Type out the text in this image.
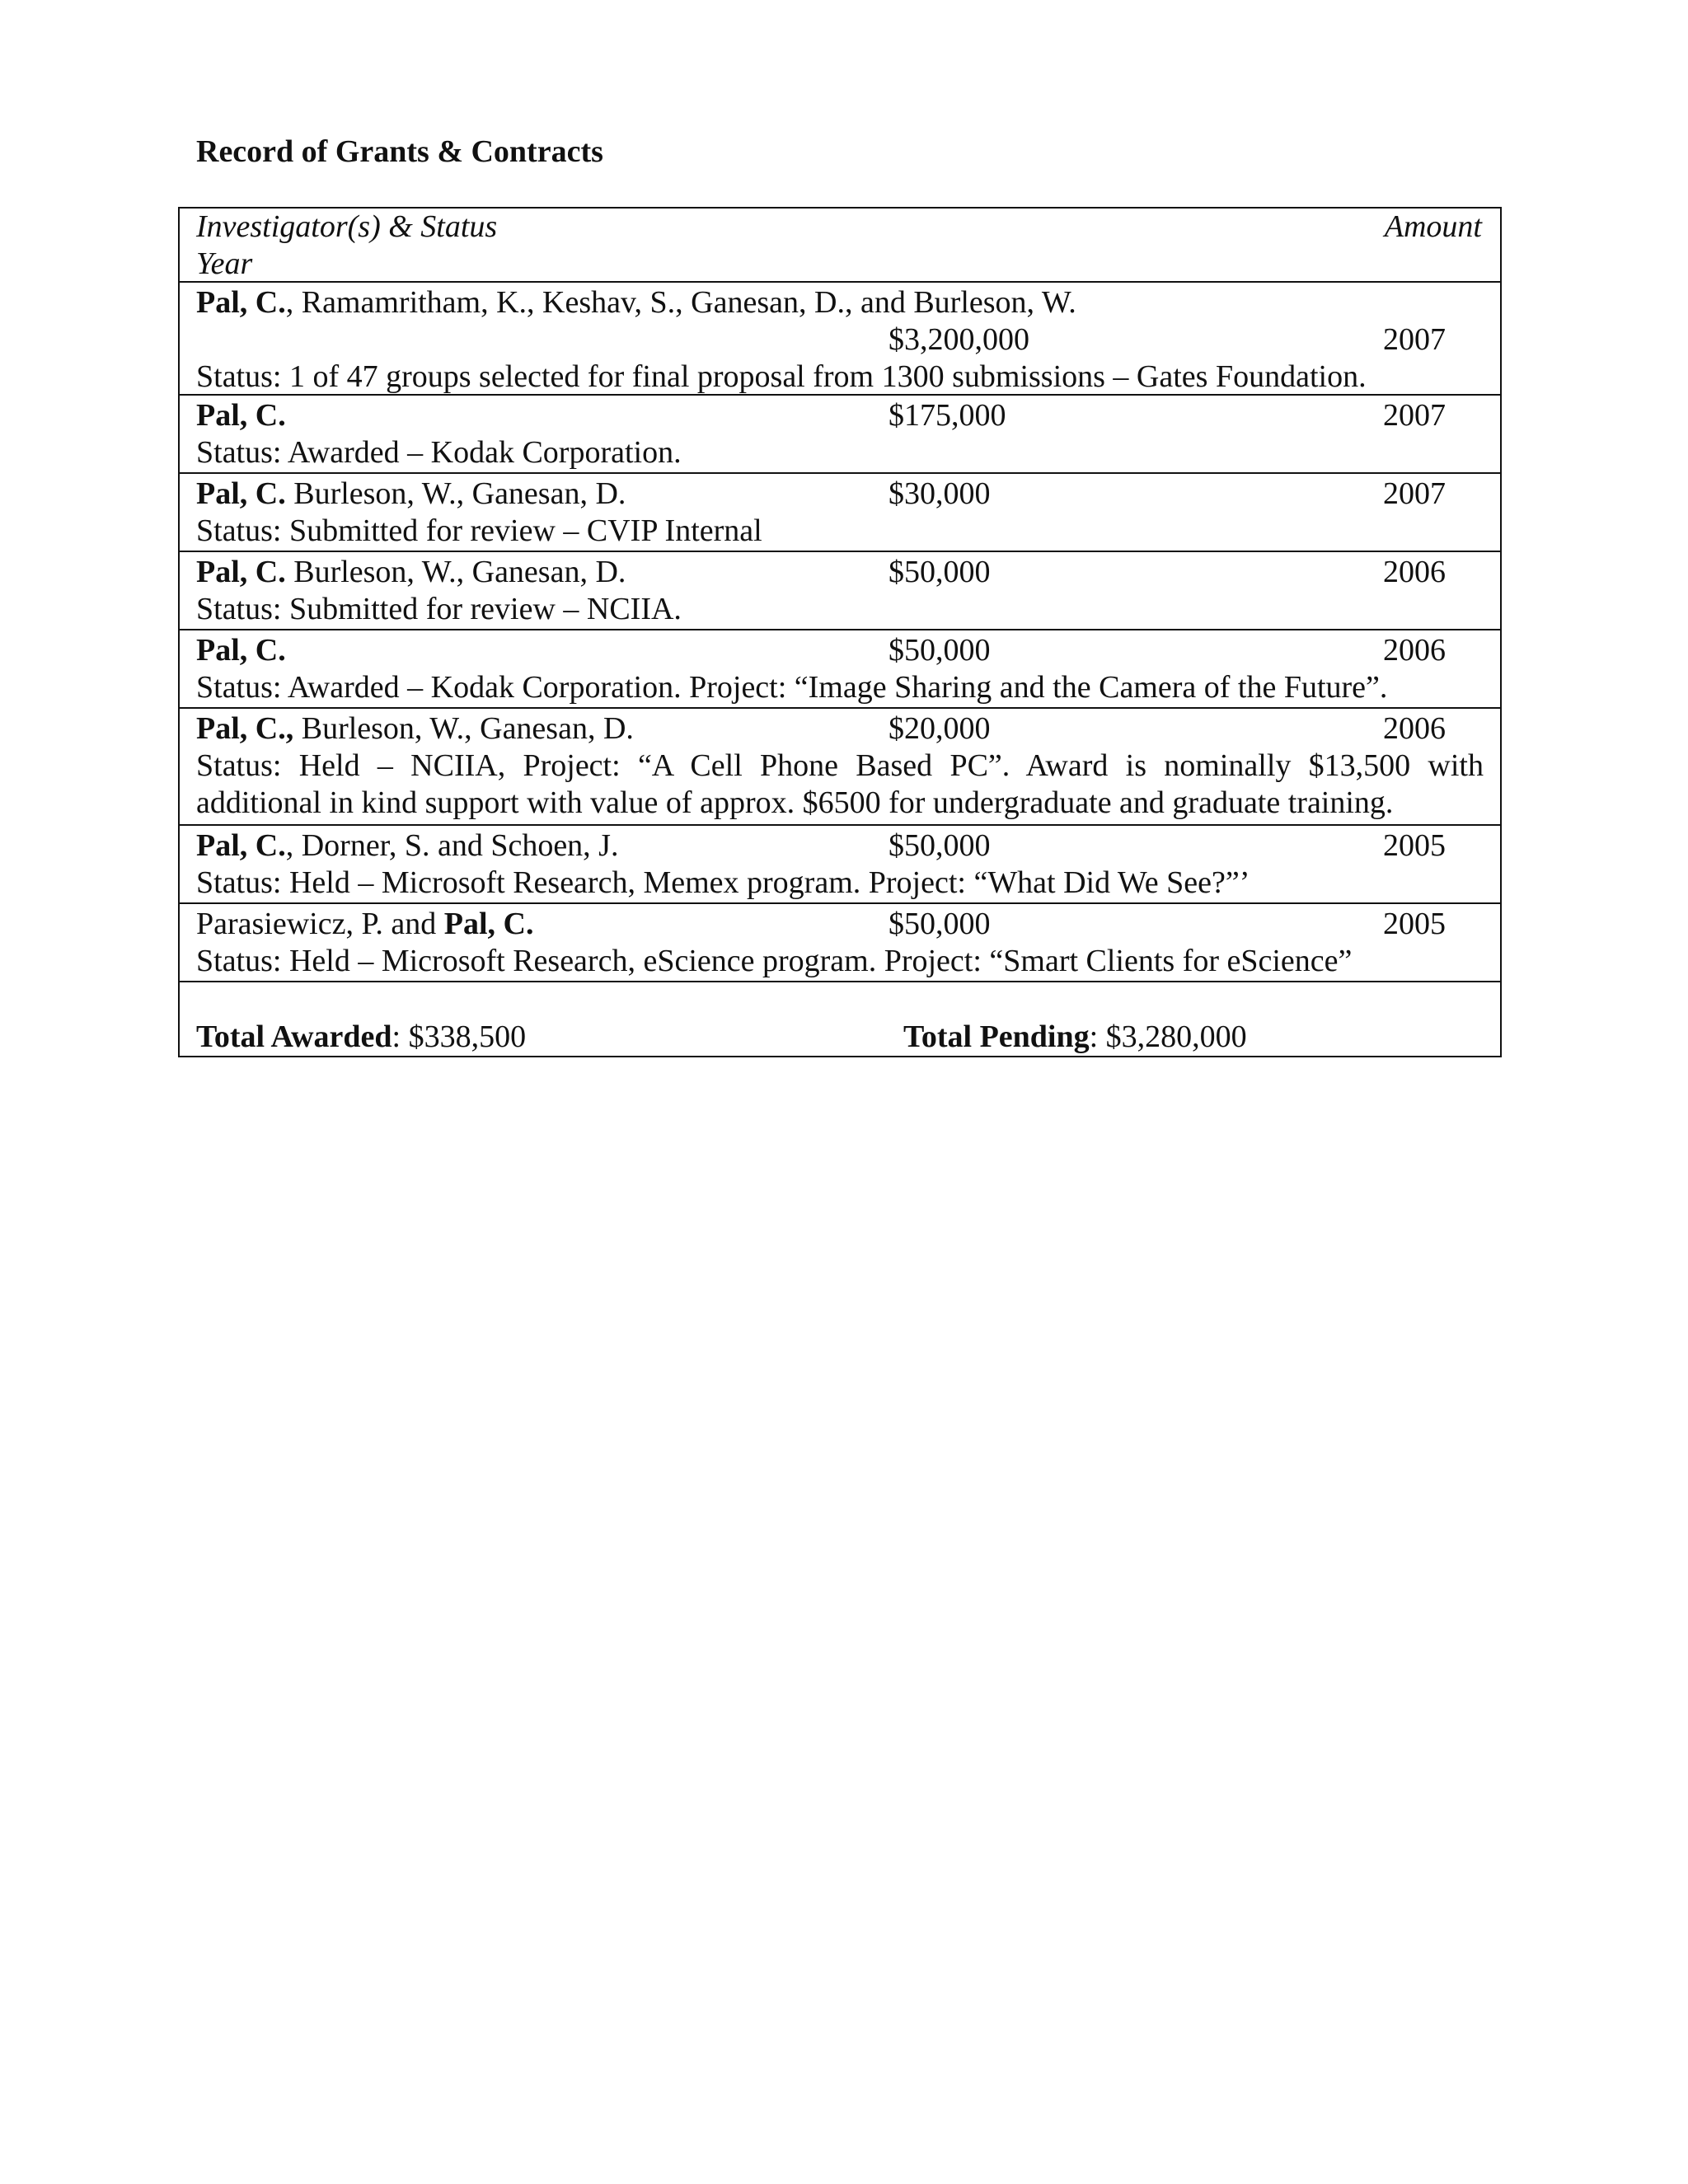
Record of Grants & Contracts
Investigator(s) & Status	Amount
Year
Pal, C., Ramamritham, K., Keshav, S., Ganesan, D., and Burleson, W.
$3,200,000	2007
Status: 1 of 47 groups selected for final proposal from 1300 submissions – Gates Foundation.
Pal, C.	$175,000	2007
Status: Awarded – Kodak Corporation.
Pal, C. Burleson, W., Ganesan, D.	$30,000	2007
Status: Submitted for review – CVIP Internal
Pal, C. Burleson, W., Ganesan, D.	$50,000	2006
Status: Submitted for review – NCIIA.
Pal, C.	$50,000	2006
Status: Awarded – Kodak Corporation. Project: “Image Sharing and the Camera of the Future”.
Pal, C., Burleson, W., Ganesan, D.	$20,000	2006
Status: Held – NCIIA, Project: “A Cell Phone Based PC”. Award is nominally $13,500 with
additional in kind support with value of approx. $6500 for undergraduate and graduate training.
Pal, C., Dorner, S. and Schoen, J.	$50,000	2005
Status: Held – Microsoft Research, Memex program. Project: “What Did We See?”’
Parasiewicz, P. and Pal, C.	$50,000	2005
Status: Held – Microsoft Research, eScience program. Project: “Smart Clients for eScience”
Total Awarded: $338,500	Total Pending: $3,280,000
